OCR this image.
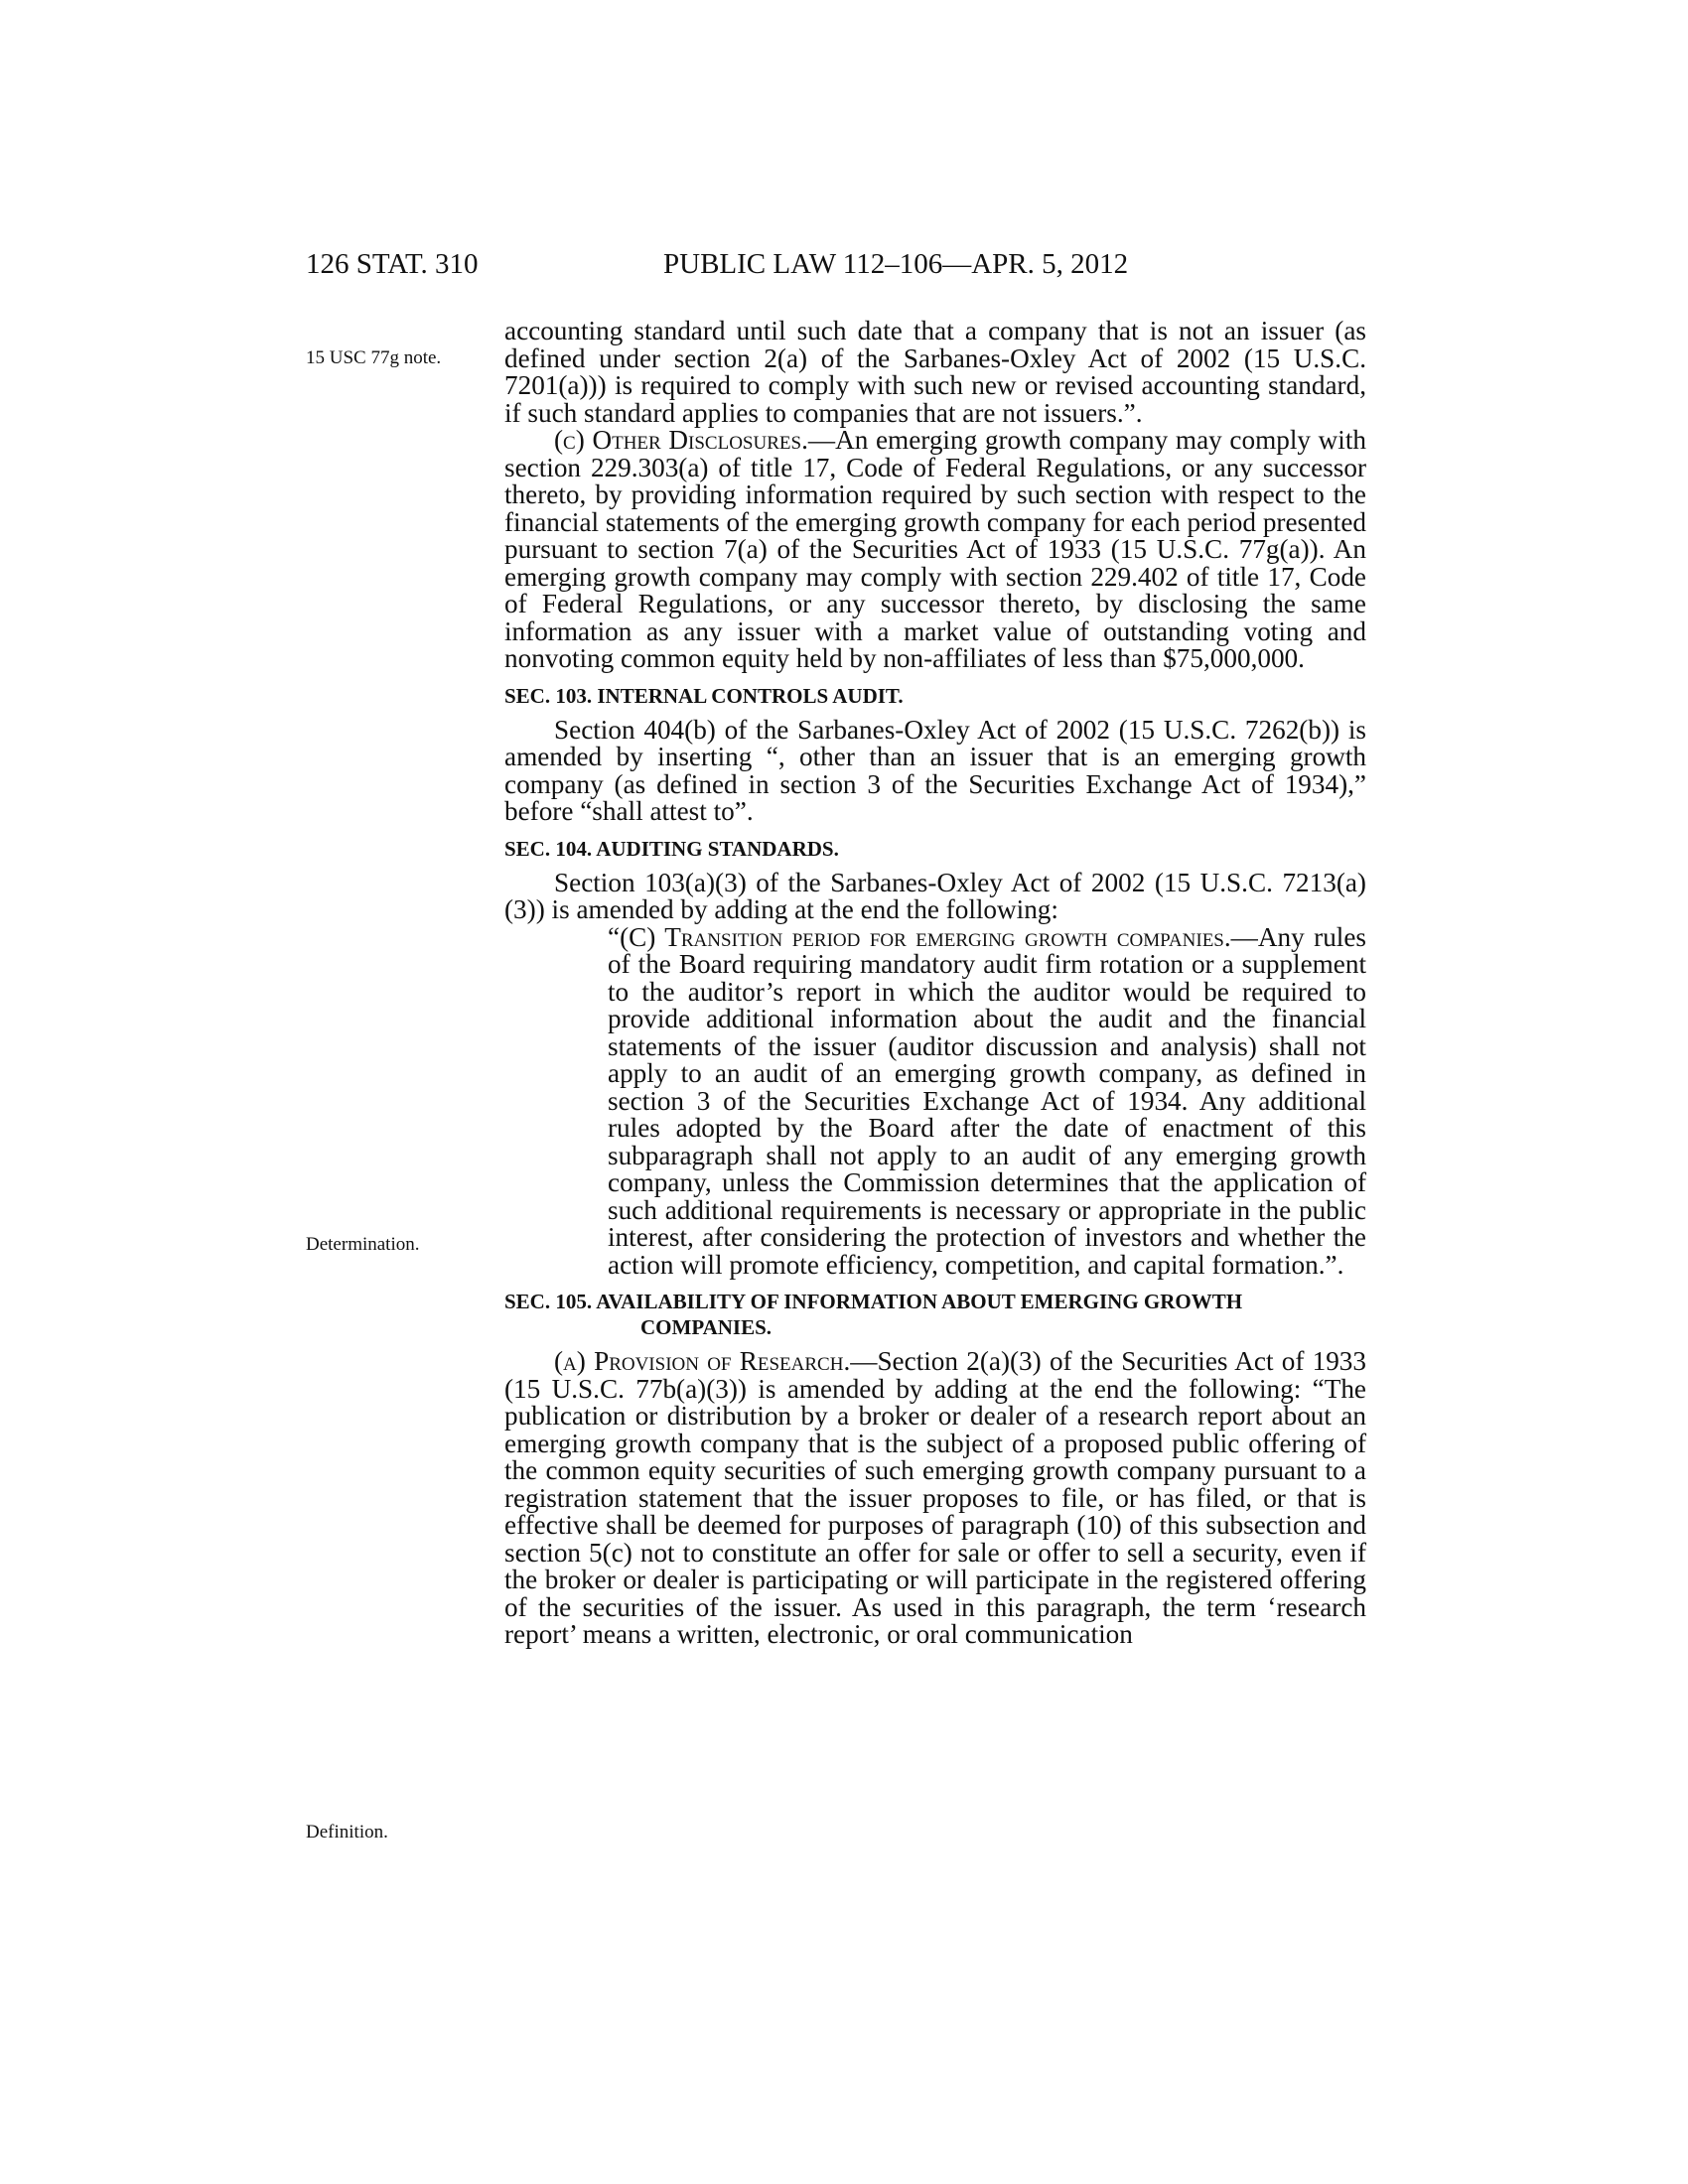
126 STAT. 310	PUBLIC LAW 112–106—APR. 5, 2012
15 USC 77g note.
Determination.
Definition.

accounting standard until such date that a company that is not an issuer (as defined under section 2(a) of the Sarbanes-Oxley Act of 2002 (15 U.S.C. 7201(a))) is required to comply with such new or revised accounting standard, if such standard applies to companies that are not issuers.”.

(c) Other Disclosures.—An emerging growth company may comply with section 229.303(a) of title 17, Code of Federal Regulations, or any successor thereto, by providing information required by such section with respect to the financial statements of the emerging growth company for each period presented pursuant to section 7(a) of the Securities Act of 1933 (15 U.S.C. 77g(a)). An emerging growth company may comply with section 229.402 of title 17, Code of Federal Regulations, or any successor thereto, by disclosing the same information as any issuer with a market value of outstanding voting and nonvoting common equity held by non-affiliates of less than $75,000,000.

SEC. 103. INTERNAL CONTROLS AUDIT.

Section 404(b) of the Sarbanes-Oxley Act of 2002 (15 U.S.C. 7262(b)) is amended by inserting “, other than an issuer that is an emerging growth company (as defined in section 3 of the Securities Exchange Act of 1934),” before “shall attest to”.

SEC. 104. AUDITING STANDARDS.

Section 103(a)(3) of the Sarbanes-Oxley Act of 2002 (15 U.S.C. 7213(a)(3)) is amended by adding at the end the following:

“(C) Transition period for emerging growth companies.—Any rules of the Board requiring mandatory audit firm rotation or a supplement to the auditor’s report in which the auditor would be required to provide additional information about the audit and the financial statements of the issuer (auditor discussion and analysis) shall not apply to an audit of an emerging growth company, as defined in section 3 of the Securities Exchange Act of 1934. Any additional rules adopted by the Board after the date of enactment of this subparagraph shall not apply to an audit of any emerging growth company, unless the Commission determines that the application of such additional requirements is necessary or appropriate in the public interest, after considering the protection of investors and whether the action will promote efficiency, competition, and capital formation.”.

SEC. 105. AVAILABILITY OF INFORMATION ABOUT EMERGING GROWTH
COMPANIES.

(a) Provision of Research.—Section 2(a)(3) of the Securities Act of 1933 (15 U.S.C. 77b(a)(3)) is amended by adding at the end the following: “The publication or distribution by a broker or dealer of a research report about an emerging growth company that is the subject of a proposed public offering of the common equity securities of such emerging growth company pursuant to a registration statement that the issuer proposes to file, or has filed, or that is effective shall be deemed for purposes of paragraph (10) of this subsection and section 5(c) not to constitute an offer for sale or offer to sell a security, even if the broker or dealer is participating or will participate in the registered offering of the securities of the issuer. As used in this paragraph, the term ‘research report’ means a written, electronic, or oral communication
